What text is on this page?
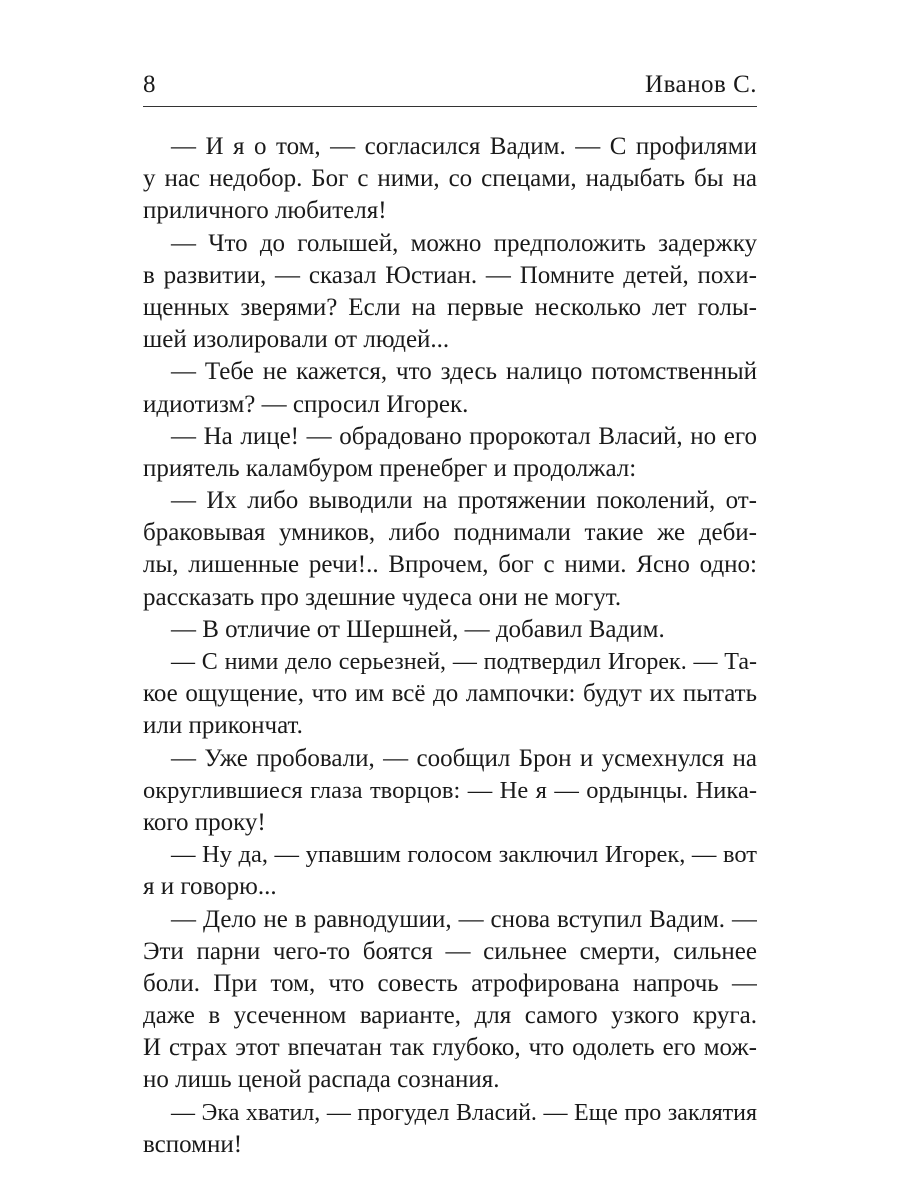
8	Иванов С.
— И я о том, — согласился Вадим. — С профилями
у нас недобор. Бог с ними, со спецами, надыбать бы на
приличного любителя!
— Что до голышей, можно предположить задержку
в развитии, — сказал Юстиан. — Помните детей, похи-
щенных зверями? Если на первые несколько лет голы-
шей изолировали от людей...
— Тебе не кажется, что здесь налицо потомственный
идиотизм? — спросил Игорек.
— На лице! — обрадовано пророкотал Власий, но его
приятель каламбуром пренебрег и продолжал:
— Их либо выводили на протяжении поколений, от-
браковывая умников, либо поднимали такие же деби-
лы, лишенные речи!.. Впрочем, бог с ними. Ясно одно:
рассказать про здешние чудеса они не могут.
— В отличие от Шершней, — добавил Вадим.
— С ними дело серьезней, — подтвердил Игорек. — Та-
кое ощущение, что им всё до лампочки: будут их пытать
или прикончат.
— Уже пробовали, — сообщил Брон и усмехнулся на
округлившиеся глаза творцов: — Не я — ордынцы. Ника-
кого проку!
— Ну да, — упавшим голосом заключил Игорек, — вот
я и говорю...
— Дело не в равнодушии, — снова вступил Вадим. —
Эти парни чего-то боятся — сильнее смерти, сильнее
боли. При том, что совесть атрофирована напрочь —
даже в усеченном варианте, для самого узкого круга.
И страх этот впечатан так глубоко, что одолеть его мож-
но лишь ценой распада сознания.
— Эка хватил, — прогудел Власий. — Еще про заклятия
вспомни!
